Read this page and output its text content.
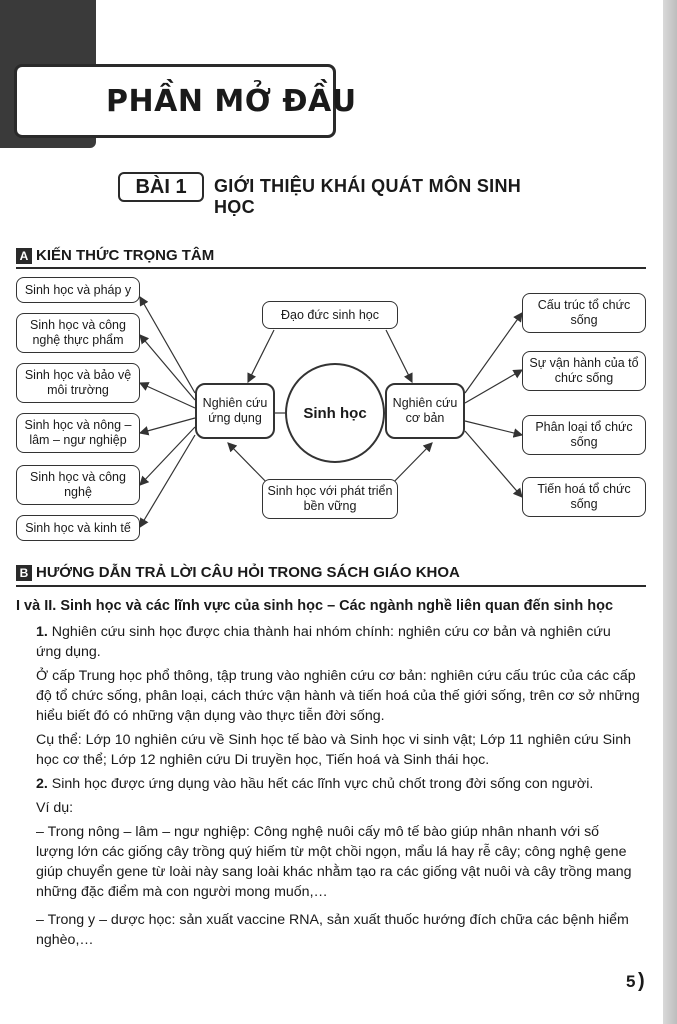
PHẦN MỞ ĐẦU
BÀI 1	GIỚI THIỆU KHÁI QUÁT MÔN SINH HỌC
A KIẾN THỨC TRỌNG TÂM
Sinh học và pháp y
Sinh học và công nghệ thực phẩm
Sinh học và bảo vệ môi trường
Sinh học và nông – lâm – ngư nghiệp
Sinh học và công nghệ
Sinh học và kinh tế
Nghiên cứu ứng dụng
Nghiên cứu cơ bản
Sinh học
Đạo đức sinh học
Sinh học với phát triển bền vững
Cấu trúc tổ chức sống
Sự vận hành của tổ chức sống
Phân loại tổ chức sống
Tiến hoá tổ chức sống
B HƯỚNG DẪN TRẢ LỜI CÂU HỎI TRONG SÁCH GIÁO KHOA
I và II. Sinh học và các lĩnh vực của sinh học – Các ngành nghề liên quan đến sinh học
1. Nghiên cứu sinh học được chia thành hai nhóm chính: nghiên cứu cơ bản và nghiên cứu ứng dụng.
Ở cấp Trung học phổ thông, tập trung vào nghiên cứu cơ bản: nghiên cứu cấu trúc của các cấp độ tổ chức sống, phân loại, cách thức vận hành và tiến hoá của thế giới sống, trên cơ sở những hiểu biết đó có những vận dụng vào thực tiễn đời sống.
Cụ thể: Lớp 10 nghiên cứu về Sinh học tế bào và Sinh học vi sinh vật; Lớp 11 nghiên cứu Sinh học cơ thể; Lớp 12 nghiên cứu Di truyền học, Tiến hoá và Sinh thái học.
2. Sinh học được ứng dụng vào hầu hết các lĩnh vực chủ chốt trong đời sống con người.
Ví dụ:
– Trong nông – lâm – ngư nghiệp: Công nghệ nuôi cấy mô tế bào giúp nhân nhanh với số lượng lớn các giống cây trồng quý hiếm từ một chồi ngọn, mẩu lá hay rễ cây; công nghệ gene giúp chuyển gene từ loài này sang loài khác nhằm tạo ra các giống vật nuôi và cây trồng mang những đặc điểm mà con người mong muốn,…
– Trong y – dược học: sản xuất vaccine RNA, sản xuất thuốc hướng đích chữa các bệnh hiểm nghèo,…
5 )
